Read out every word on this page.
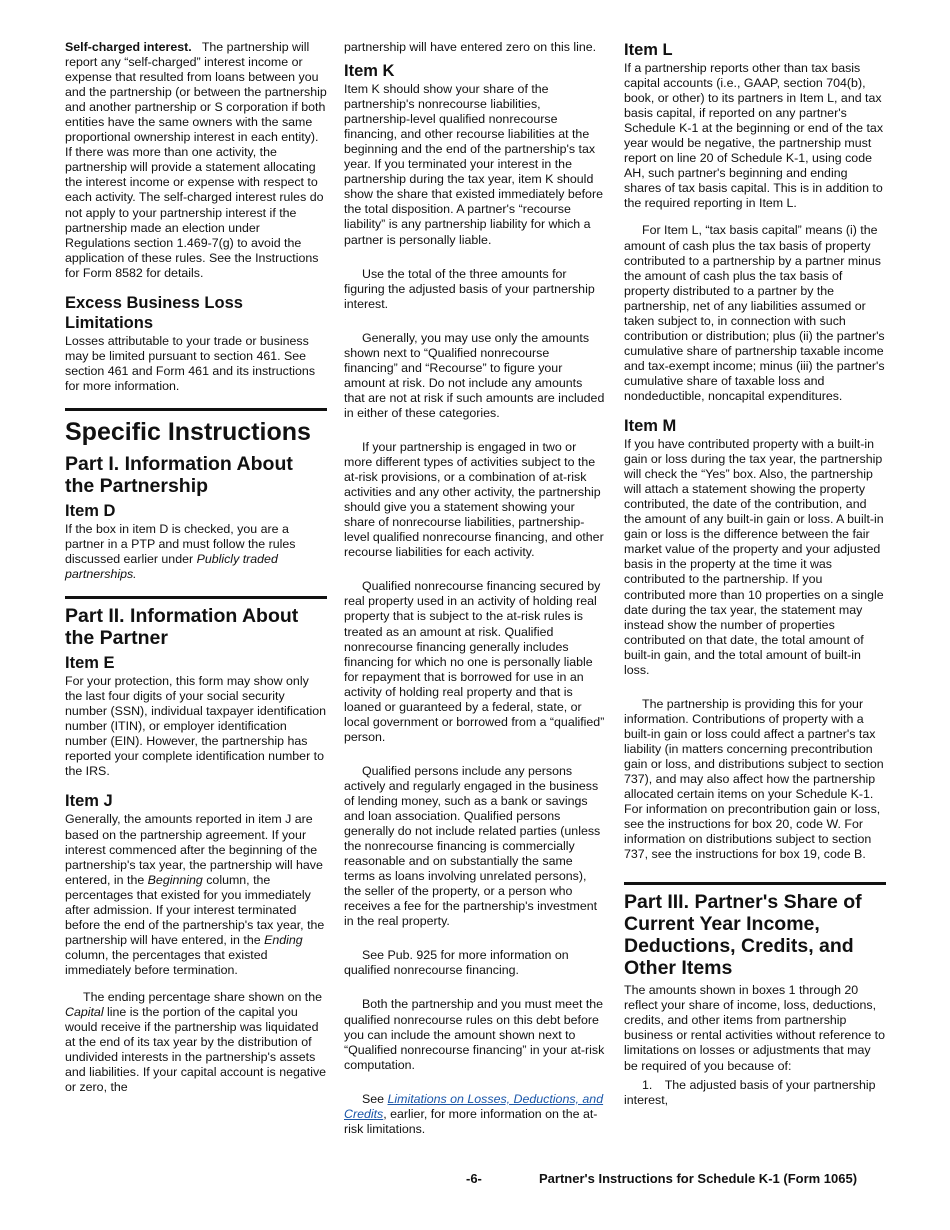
Self-charged interest. The partnership will report any “self-charged” interest income or expense that resulted from loans between you and the partnership (or between the partnership and another partnership or S corporation if both entities have the same owners with the same proportional ownership interest in each entity). If there was more than one activity, the partnership will provide a statement allocating the interest income or expense with respect to each activity. The self-charged interest rules do not apply to your partnership interest if the partnership made an election under Regulations section 1.469-7(g) to avoid the application of these rules. See the Instructions for Form 8582 for details.

Excess Business Loss Limitations

Losses attributable to your trade or business may be limited pursuant to section 461. See section 461 and Form 461 and its instructions for more information.

Specific Instructions
Part I. Information About the Partnership
Item D

If the box in item D is checked, you are a partner in a PTP and must follow the rules discussed earlier under Publicly traded partnerships.

Part II. Information About the Partner
Item E

For your protection, this form may show only the last four digits of your social security number (SSN), individual taxpayer identification number (ITIN), or employer identification number (EIN). However, the partnership has reported your complete identification number to the IRS.

Item J

Generally, the amounts reported in item J are based on the partnership agreement. If your interest commenced after the beginning of the partnership's tax year, the partnership will have entered, in the Beginning column, the percentages that existed for you immediately after admission. If your interest terminated before the end of the partnership's tax year, the partnership will have entered, in the Ending column, the percentages that existed immediately before termination.

The ending percentage share shown on the Capital line is the portion of the capital you would receive if the partnership was liquidated at the end of its tax year by the distribution of undivided interests in the partnership's assets and liabilities. If your capital account is negative or zero, the

partnership will have entered zero on this line.

Item K

Item K should show your share of the partnership's nonrecourse liabilities, partnership-level qualified nonrecourse financing, and other recourse liabilities at the beginning and the end of the partnership's tax year. If you terminated your interest in the partnership during the tax year, item K should show the share that existed immediately before the total disposition. A partner's “recourse liability” is any partnership liability for which a partner is personally liable.

Use the total of the three amounts for figuring the adjusted basis of your partnership interest.

Generally, you may use only the amounts shown next to “Qualified nonrecourse financing” and “Recourse” to figure your amount at risk. Do not include any amounts that are not at risk if such amounts are included in either of these categories.

If your partnership is engaged in two or more different types of activities subject to the at-risk provisions, or a combination of at-risk activities and any other activity, the partnership should give you a statement showing your share of nonrecourse liabilities, partnership-level qualified nonrecourse financing, and other recourse liabilities for each activity.

Qualified nonrecourse financing secured by real property used in an activity of holding real property that is subject to the at-risk rules is treated as an amount at risk. Qualified nonrecourse financing generally includes financing for which no one is personally liable for repayment that is borrowed for use in an activity of holding real property and that is loaned or guaranteed by a federal, state, or local government or borrowed from a “qualified” person.

Qualified persons include any persons actively and regularly engaged in the business of lending money, such as a bank or savings and loan association. Qualified persons generally do not include related parties (unless the nonrecourse financing is commercially reasonable and on substantially the same terms as loans involving unrelated persons), the seller of the property, or a person who receives a fee for the partnership's investment in the real property.

See Pub. 925 for more information on qualified nonrecourse financing.

Both the partnership and you must meet the qualified nonrecourse rules on this debt before you can include the amount shown next to “Qualified nonrecourse financing” in your at-risk computation.

See Limitations on Losses, Deductions, and Credits, earlier, for more information on the at-risk limitations.

Item L

If a partnership reports other than tax basis capital accounts (i.e., GAAP, section 704(b), book, or other) to its partners in Item L, and tax basis capital, if reported on any partner's Schedule K-1 at the beginning or end of the tax year would be negative, the partnership must report on line 20 of Schedule K-1, using code AH, such partner's beginning and ending shares of tax basis capital. This is in addition to the required reporting in Item L.

For Item L, “tax basis capital” means (i) the amount of cash plus the tax basis of property contributed to a partnership by a partner minus the amount of cash plus the tax basis of property distributed to a partner by the partnership, net of any liabilities assumed or taken subject to, in connection with such contribution or distribution; plus (ii) the partner's cumulative share of partnership taxable income and tax-exempt income; minus (iii) the partner's cumulative share of taxable loss and nondeductible, noncapital expenditures.

Item M

If you have contributed property with a built-in gain or loss during the tax year, the partnership will check the “Yes” box. Also, the partnership will attach a statement showing the property contributed, the date of the contribution, and the amount of any built-in gain or loss. A built-in gain or loss is the difference between the fair market value of the property and your adjusted basis in the property at the time it was contributed to the partnership. If you contributed more than 10 properties on a single date during the tax year, the statement may instead show the number of properties contributed on that date, the total amount of built-in gain, and the total amount of built-in loss.

The partnership is providing this for your information. Contributions of property with a built-in gain or loss could affect a partner's tax liability (in matters concerning precontribution gain or loss, and distributions subject to section 737), and may also affect how the partnership allocated certain items on your Schedule K-1. For information on precontribution gain or loss, see the instructions for box 20, code W. For information on distributions subject to section 737, see the instructions for box 19, code B.

Part III. Partner's Share of Current Year Income, Deductions, Credits, and Other Items

The amounts shown in boxes 1 through 20 reflect your share of income, loss, deductions, credits, and other items from partnership business or rental activities without reference to limitations on losses or adjustments that may be required of you because of:

1. The adjusted basis of your partnership interest,

-6-	Partner's Instructions for Schedule K-1 (Form 1065)
